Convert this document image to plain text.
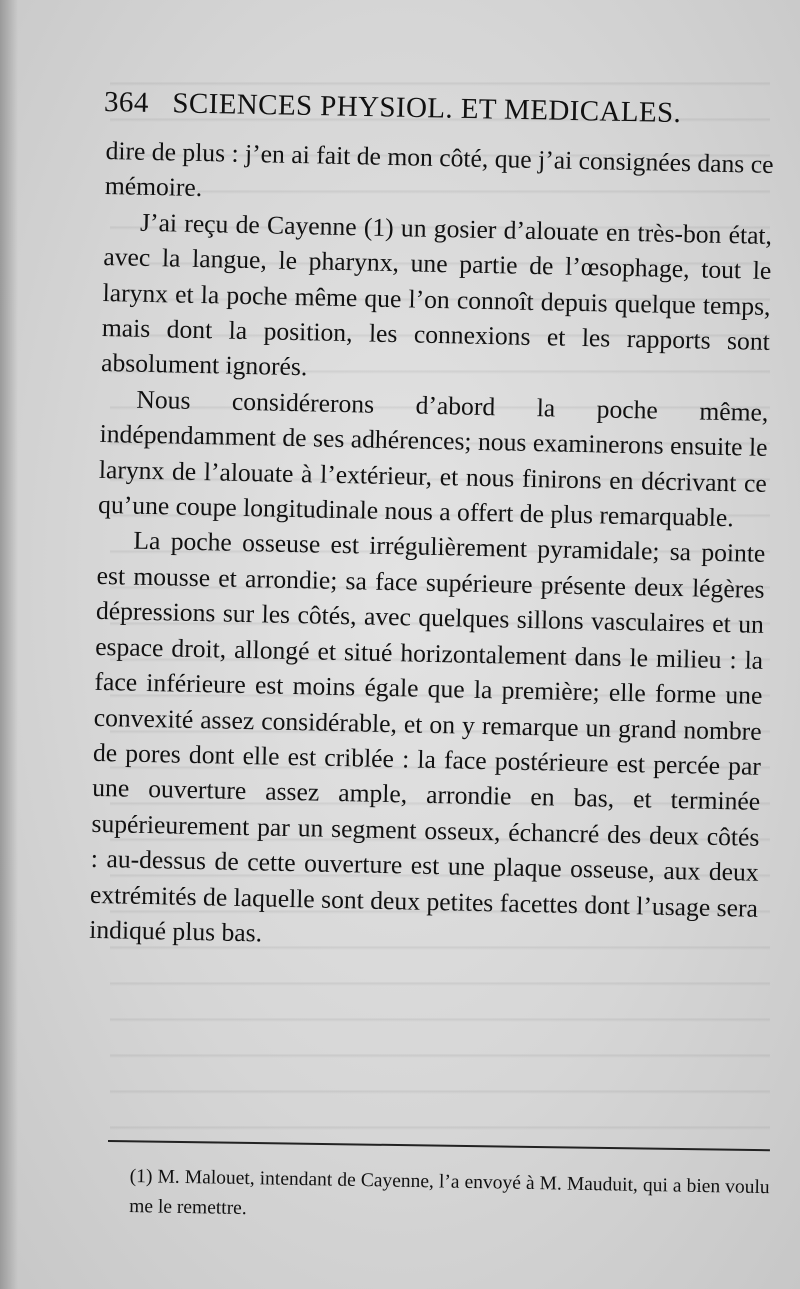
364 SCIENCES PHYSIOL. ET MEDICALES.

dire de plus : j’en ai fait de mon côté, que j’ai consignées dans ce mémoire.

J’ai reçu de Cayenne (1) un gosier d’alouate en très-bon état, avec la langue, le pharynx, une partie de l’œsophage, tout le larynx et la poche même que l’on connoît depuis quelque temps, mais dont la position, les connexions et les rapports sont absolument ignorés.

Nous considérerons d’abord la poche même, indépendamment de ses adhérences; nous examinerons ensuite le larynx de l’alouate à l’extérieur, et nous finirons en décrivant ce qu’une coupe longitudinale nous a offert de plus remarquable.

La poche osseuse est irrégulièrement pyramidale; sa pointe est mousse et arrondie; sa face supérieure présente deux légères dépressions sur les côtés, avec quelques sillons vasculaires et un espace droit, allongé et situé horizontalement dans le milieu : la face inférieure est moins égale que la première; elle forme une convexité assez considérable, et on y remarque un grand nombre de pores dont elle est criblée : la face postérieure est percée par une ouverture assez ample, arrondie en bas, et terminée supérieurement par un segment osseux, échancré des deux côtés : au-dessus de cette ouverture est une plaque osseuse, aux deux extrémités de laquelle sont deux petites facettes dont l’usage sera indiqué plus bas.

(1) M. Malouet, intendant de Cayenne, l’a envoyé à M. Mauduit, qui a bien voulu me le remettre.
